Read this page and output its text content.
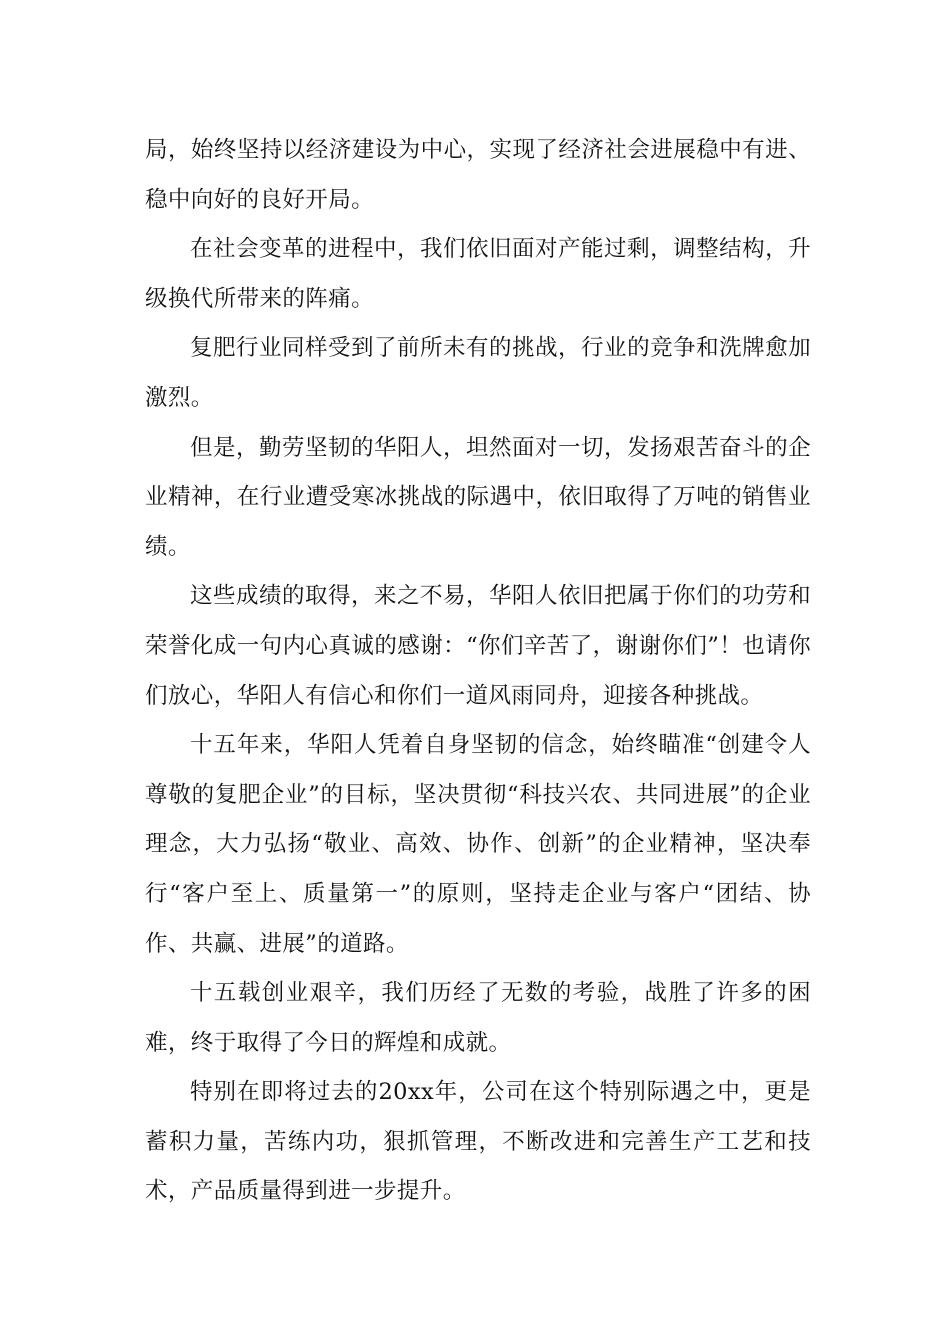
局，始终坚持以经济建设为中心，实现了经济社会进展稳中有进、稳中向好的良好开局。

在社会变革的进程中，我们依旧面对产能过剩，调整结构，升级换代所带来的阵痛。

复肥行业同样受到了前所未有的挑战，行业的竞争和洗牌愈加激烈。

但是，勤劳坚韧的华阳人，坦然面对一切，发扬艰苦奋斗的企业精神，在行业遭受寒冰挑战的际遇中，依旧取得了万吨的销售业绩。

这些成绩的取得，来之不易，华阳人依旧把属于你们的功劳和荣誉化成一句内心真诚的感谢：“你们辛苦了，谢谢你们”！也请你们放心，华阳人有信心和你们一道风雨同舟，迎接各种挑战。

十五年来，华阳人凭着自身坚韧的信念，始终瞄准“创建令人尊敬的复肥企业”的目标，坚决贯彻“科技兴农、共同进展”的企业理念，大力弘扬“敬业、高效、协作、创新”的企业精神，坚决奉行“客户至上、质量第一”的原则，坚持走企业与客户“团结、协作、共赢、进展”的道路。

十五载创业艰辛，我们历经了无数的考验，战胜了许多的困难，终于取得了今日的辉煌和成就。

特别在即将过去的20xx年，公司在这个特别际遇之中，更是蓄积力量，苦练内功，狠抓管理，不断改进和完善生产工艺和技术，产品质量得到进一步提升。
